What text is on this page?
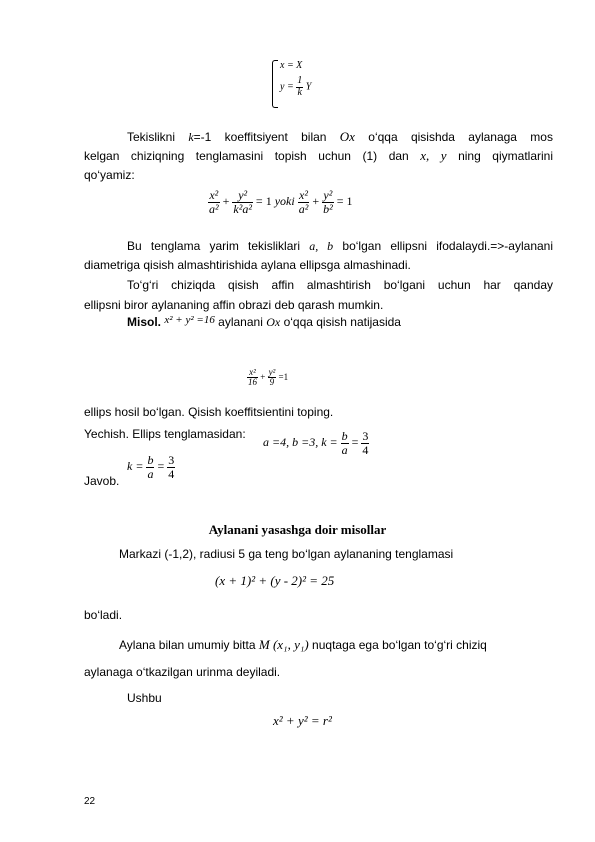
x = X
$y = \frac{1}{k}$ Y
Tekislikni k=-1 koeffitsiyent bilan Ox o‘qqa qisishda aylanaga mos
kelgan chiziqning tenglamasini topish uchun (1) dan x, y ning qiymatlarini
qo‘yamiz:
$\frac{\text{x²}}{\text{a²}} + \frac{\text{y²}}{\text{k²a²}} = 1$ yoki $\frac{\text{x²}}{\text{a²}} + \frac{\text{y²}}{\text{b²}} = 1$
Bu tenglama yarim tekisliklari a, b bo‘lgan ellipsni ifodalaydi.=>-aylanani
diametriga qisish almashtirishida aylana ellipsga almashinadi.
To‘g‘ri chiziqda qisish affin almashtirish bo‘lgani uchun har qanday
ellipsni biror aylananing affin obrazi deb qarash mumkin.
Misol. x² + y² =16 aylanani Ox o‘qqa qisish natijasida
$\frac{\text{x²}}{16} + \frac{\text{y²}}{9} =1$
ellips hosil bo‘lgan. Qisish koeffitsientini toping.
Yechish. Ellips tenglamasidan:
a =4, b =3, $k = \frac{b}{a} = \frac{3}{4}$
Javob.
$k = \frac{b}{a} = \frac{3}{4}$
Aylanani yasashga doir misollar
Markazi (-1,2), radiusi 5 ga teng bo‘lgan aylananing tenglamasi
(x + 1)² + (y - 2)² = 25
bo‘ladi.
Aylana bilan umumiy bitta M (x₁, y₁) nuqtaga ega bo‘lgan to‘g‘ri chiziq
aylanaga o‘tkazilgan urinma deyiladi.
Ushbu
x² + y² = r²
22
